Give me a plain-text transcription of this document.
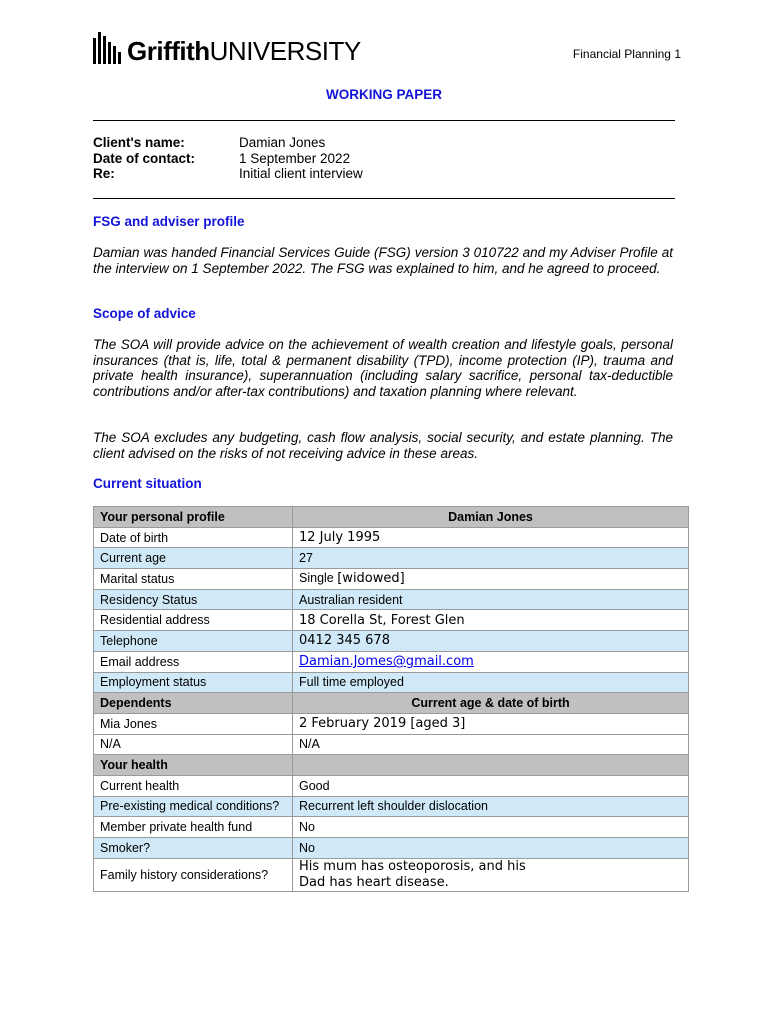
GriffithUNIVERSITY	Financial Planning 1
WORKING PAPER
Client's name:	Damian Jones
Date of contact:	1 September 2022
Re:	Initial client interview
FSG and adviser profile
Damian was handed Financial Services Guide (FSG) version 3 010722 and my Adviser Profile at the interview on 1 September 2022. The FSG was explained to him, and he agreed to proceed.
Scope of advice
The SOA will provide advice on the achievement of wealth creation and lifestyle goals, personal insurances (that is, life, total & permanent disability (TPD), income protection (IP), trauma and private health insurance), superannuation (including salary sacrifice, personal tax-deductible contributions and/or after-tax contributions) and taxation planning where relevant.
The SOA excludes any budgeting, cash flow analysis, social security, and estate planning. The client advised on the risks of not receiving advice in these areas.
Current situation
Your personal profile	Damian Jones
Date of birth	12 July 1995
Current age	27
Marital status	Single [widowed]
Residency Status	Australian resident
Residential address	18 Corella St, Forest Glen
Telephone	0412 345 678
Email address	Damian.Jomes@gmail.com
Employment status	Full time employed
Dependents	Current age & date of birth
Mia Jones	2 February 2019 [aged 3]
N/A	N/A
Your health	
Current health	Good
Pre-existing medical conditions?	Recurrent left shoulder dislocation
Member private health fund	No
Smoker?	No
Family history considerations?	His mum has osteoporosis, and his
Dad has heart disease.
